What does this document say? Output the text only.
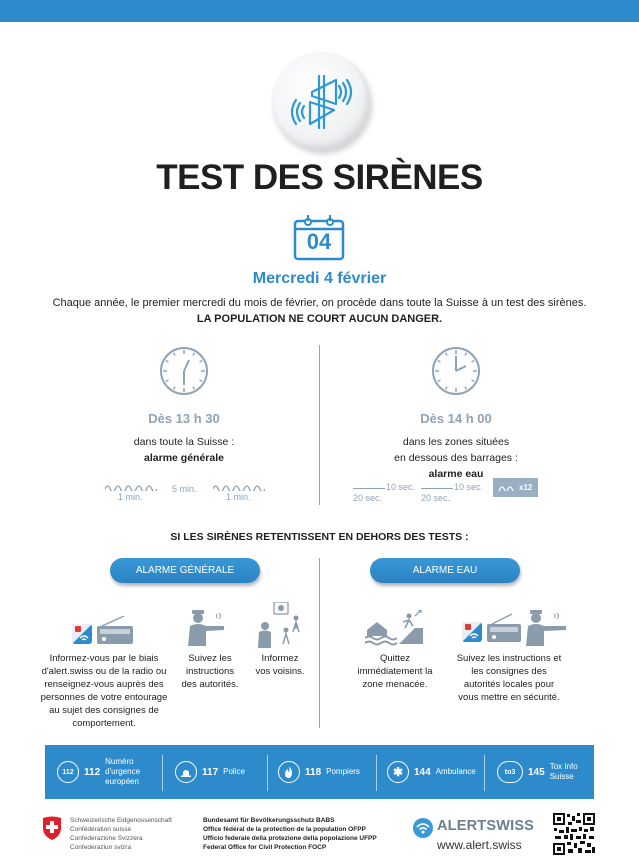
TEST DES SIRÈNES
04
Mercredi 4 février
Chaque année, le premier mercredi du mois de février, on procède dans toute la Suisse à un test des sirènes.
LA POPULATION NE COURT AUCUN DANGER.
Dès 13 h 30
dans toute la Suisse :
alarme générale
1 min.
5 min.
1 min.
Dès 14 h 00
dans les zones situées
en dessous des barrages :
alarme eau
10 sec.
20 sec.
10 sec.
20 sec.
x12
SI LES SIRÈNES RETENTISSENT EN DEHORS DES TESTS :
ALARME GÉNÉRALE	ALARME EAU
Informez-vous par le biais d'alert.swiss ou de la radio ou renseignez-vous auprès des personnes de votre entourage au sujet des consignes de comportement.
Suivez les instructions des autorités.
Informez vos voisins.
Quittez immédiatement la zone menacée.
Suivez les instructions et les consignes des autorités locales pour vous mettre en sécurité.
112	112
Numéro d'urgence européen
117 Police	118 Pompiers	✱	144 Ambulance	to3	145 Tox Info Suisse
Schweizerische Eidgenossenschaft
Confédération suisse
Confederazione Svizzera
Confederaziun svizra
Bundesamt für Bevölkerungsschutz BABS
Office fédéral de la protection de la population OFPP
Ufficio federale della protezione della popolazione UFPP
Federal Office for Civil Protection FOCP
ALERTSWISS
www.alert.swiss
